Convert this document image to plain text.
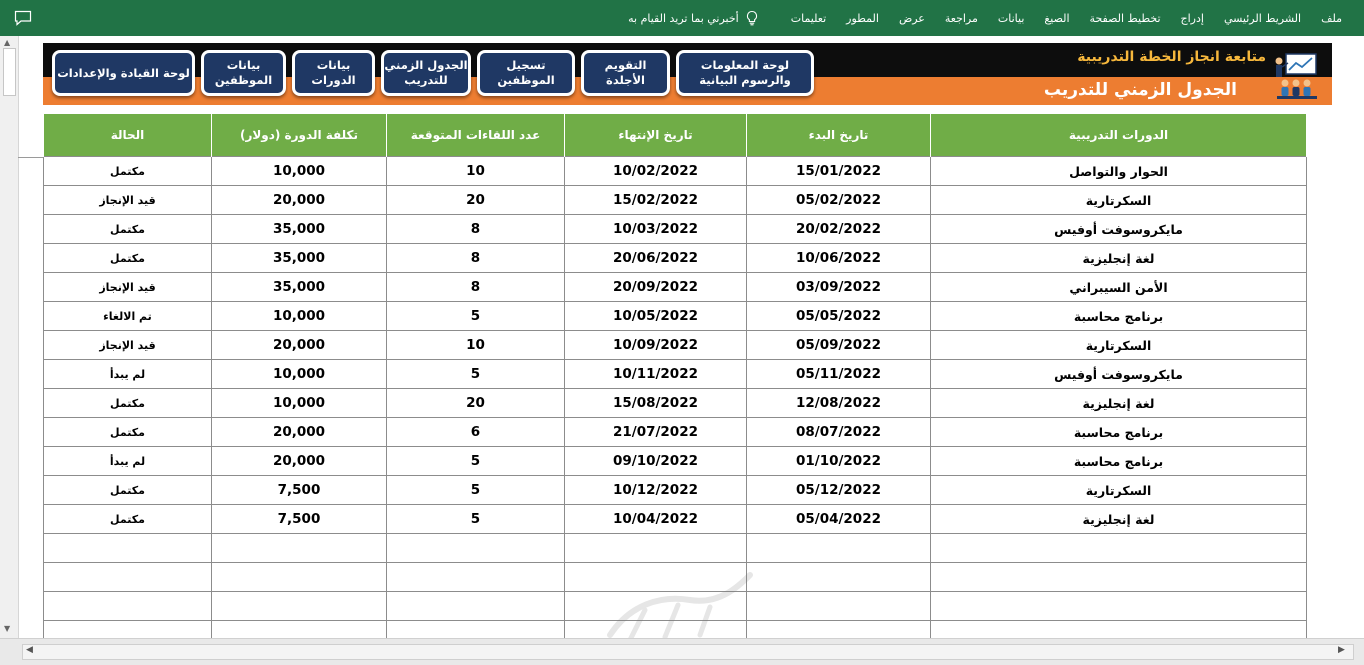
ملف
الشريط الرئيسي
إدراج
تخطيط الصفحة
الصيغ
بيانات
مراجعة
عرض
المطور
تعليمات
أخبرني بما تريد القيام به
▲
▼
متابعة انجاز الخطة التدريبية
الجدول الزمني للتدريب
لوحة المعلومات
والرسوم البيانية
التقويم
الأجلدة
تسجيل الموظفين
الجدول الزمني
للتدريب
بيانات
الدورات
بيانات
الموظفين
لوحة القيادة والإعدادات
الدورات التدريبية	تاريخ البدء	تاريخ الإنتهاء	عدد اللقاءات المتوقعة	تكلفة الدورة (دولار)	الحالة
الحوار والتواصل	15/01/2022	10/02/2022	10	10,000	مكتمل
السكرتارية	05/02/2022	15/02/2022	20	20,000	قيد الإنجاز
مايكروسوفت أوفيس	20/02/2022	10/03/2022	8	35,000	مكتمل
لغة إنجليزية	10/06/2022	20/06/2022	8	35,000	مكتمل
الأمن السيبراني	03/09/2022	20/09/2022	8	35,000	قيد الإنجاز
برنامج محاسبة	05/05/2022	10/05/2022	5	10,000	تم الالغاء
السكرتارية	05/09/2022	10/09/2022	10	20,000	قيد الإنجاز
مايكروسوفت أوفيس	05/11/2022	10/11/2022	5	10,000	لم يبدأ
لغة إنجليزية	12/08/2022	15/08/2022	20	10,000	مكتمل
برنامج محاسبة	08/07/2022	21/07/2022	6	20,000	مكتمل
برنامج محاسبة	01/10/2022	09/10/2022	5	20,000	لم يبدأ
السكرتارية	05/12/2022	10/12/2022	5	7,500	مكتمل
لغة إنجليزية	05/04/2022	10/04/2022	5	7,500	مكتمل

◀	▶
